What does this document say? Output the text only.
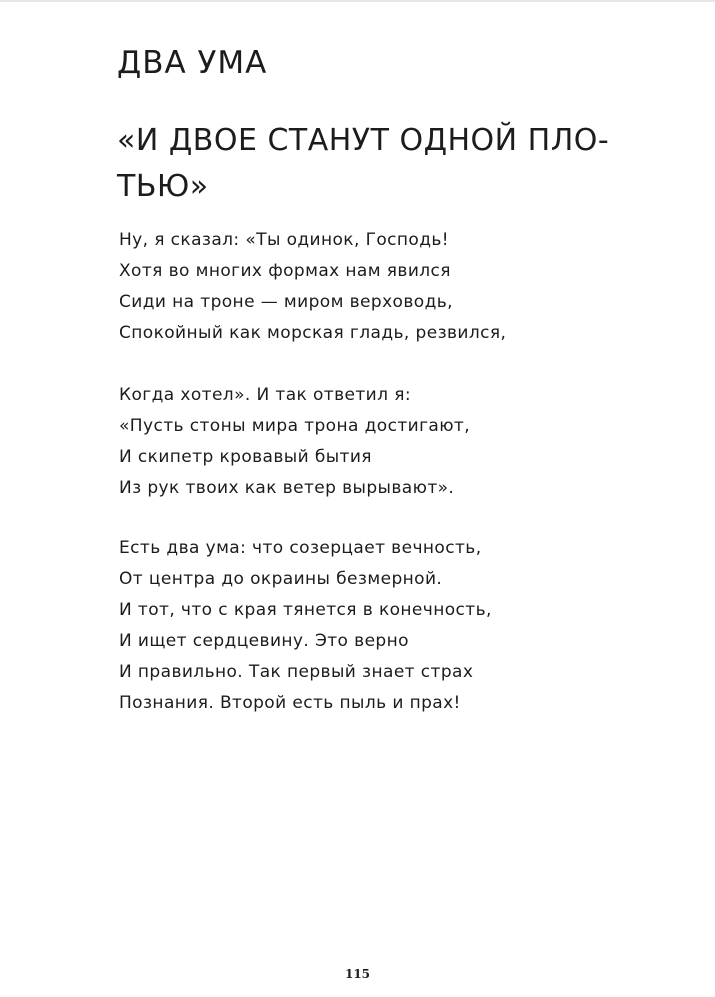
ДВА УМА
«И ДВОЕ СТАНУТ ОДНОЙ ПЛО-
ТЬЮ»
Ну, я сказал: «Ты одинок, Господь!
Хотя во многих формах нам явился
Сиди на троне — миром верховодь,
Спокойный как морская гладь, резвился,
Когда хотел». И так ответил я:
«Пусть стоны мира трона достигают,
И скипетр кровавый бытия
Из рук твоих как ветер вырывают».
Есть два ума: что созерцает вечность,
От центра до окраины безмерной.
И тот, что с края тянется в конечность,
И ищет сердцевину. Это верно
И правильно. Так первый знает страх
Познания. Второй есть пыль и прах!
115
